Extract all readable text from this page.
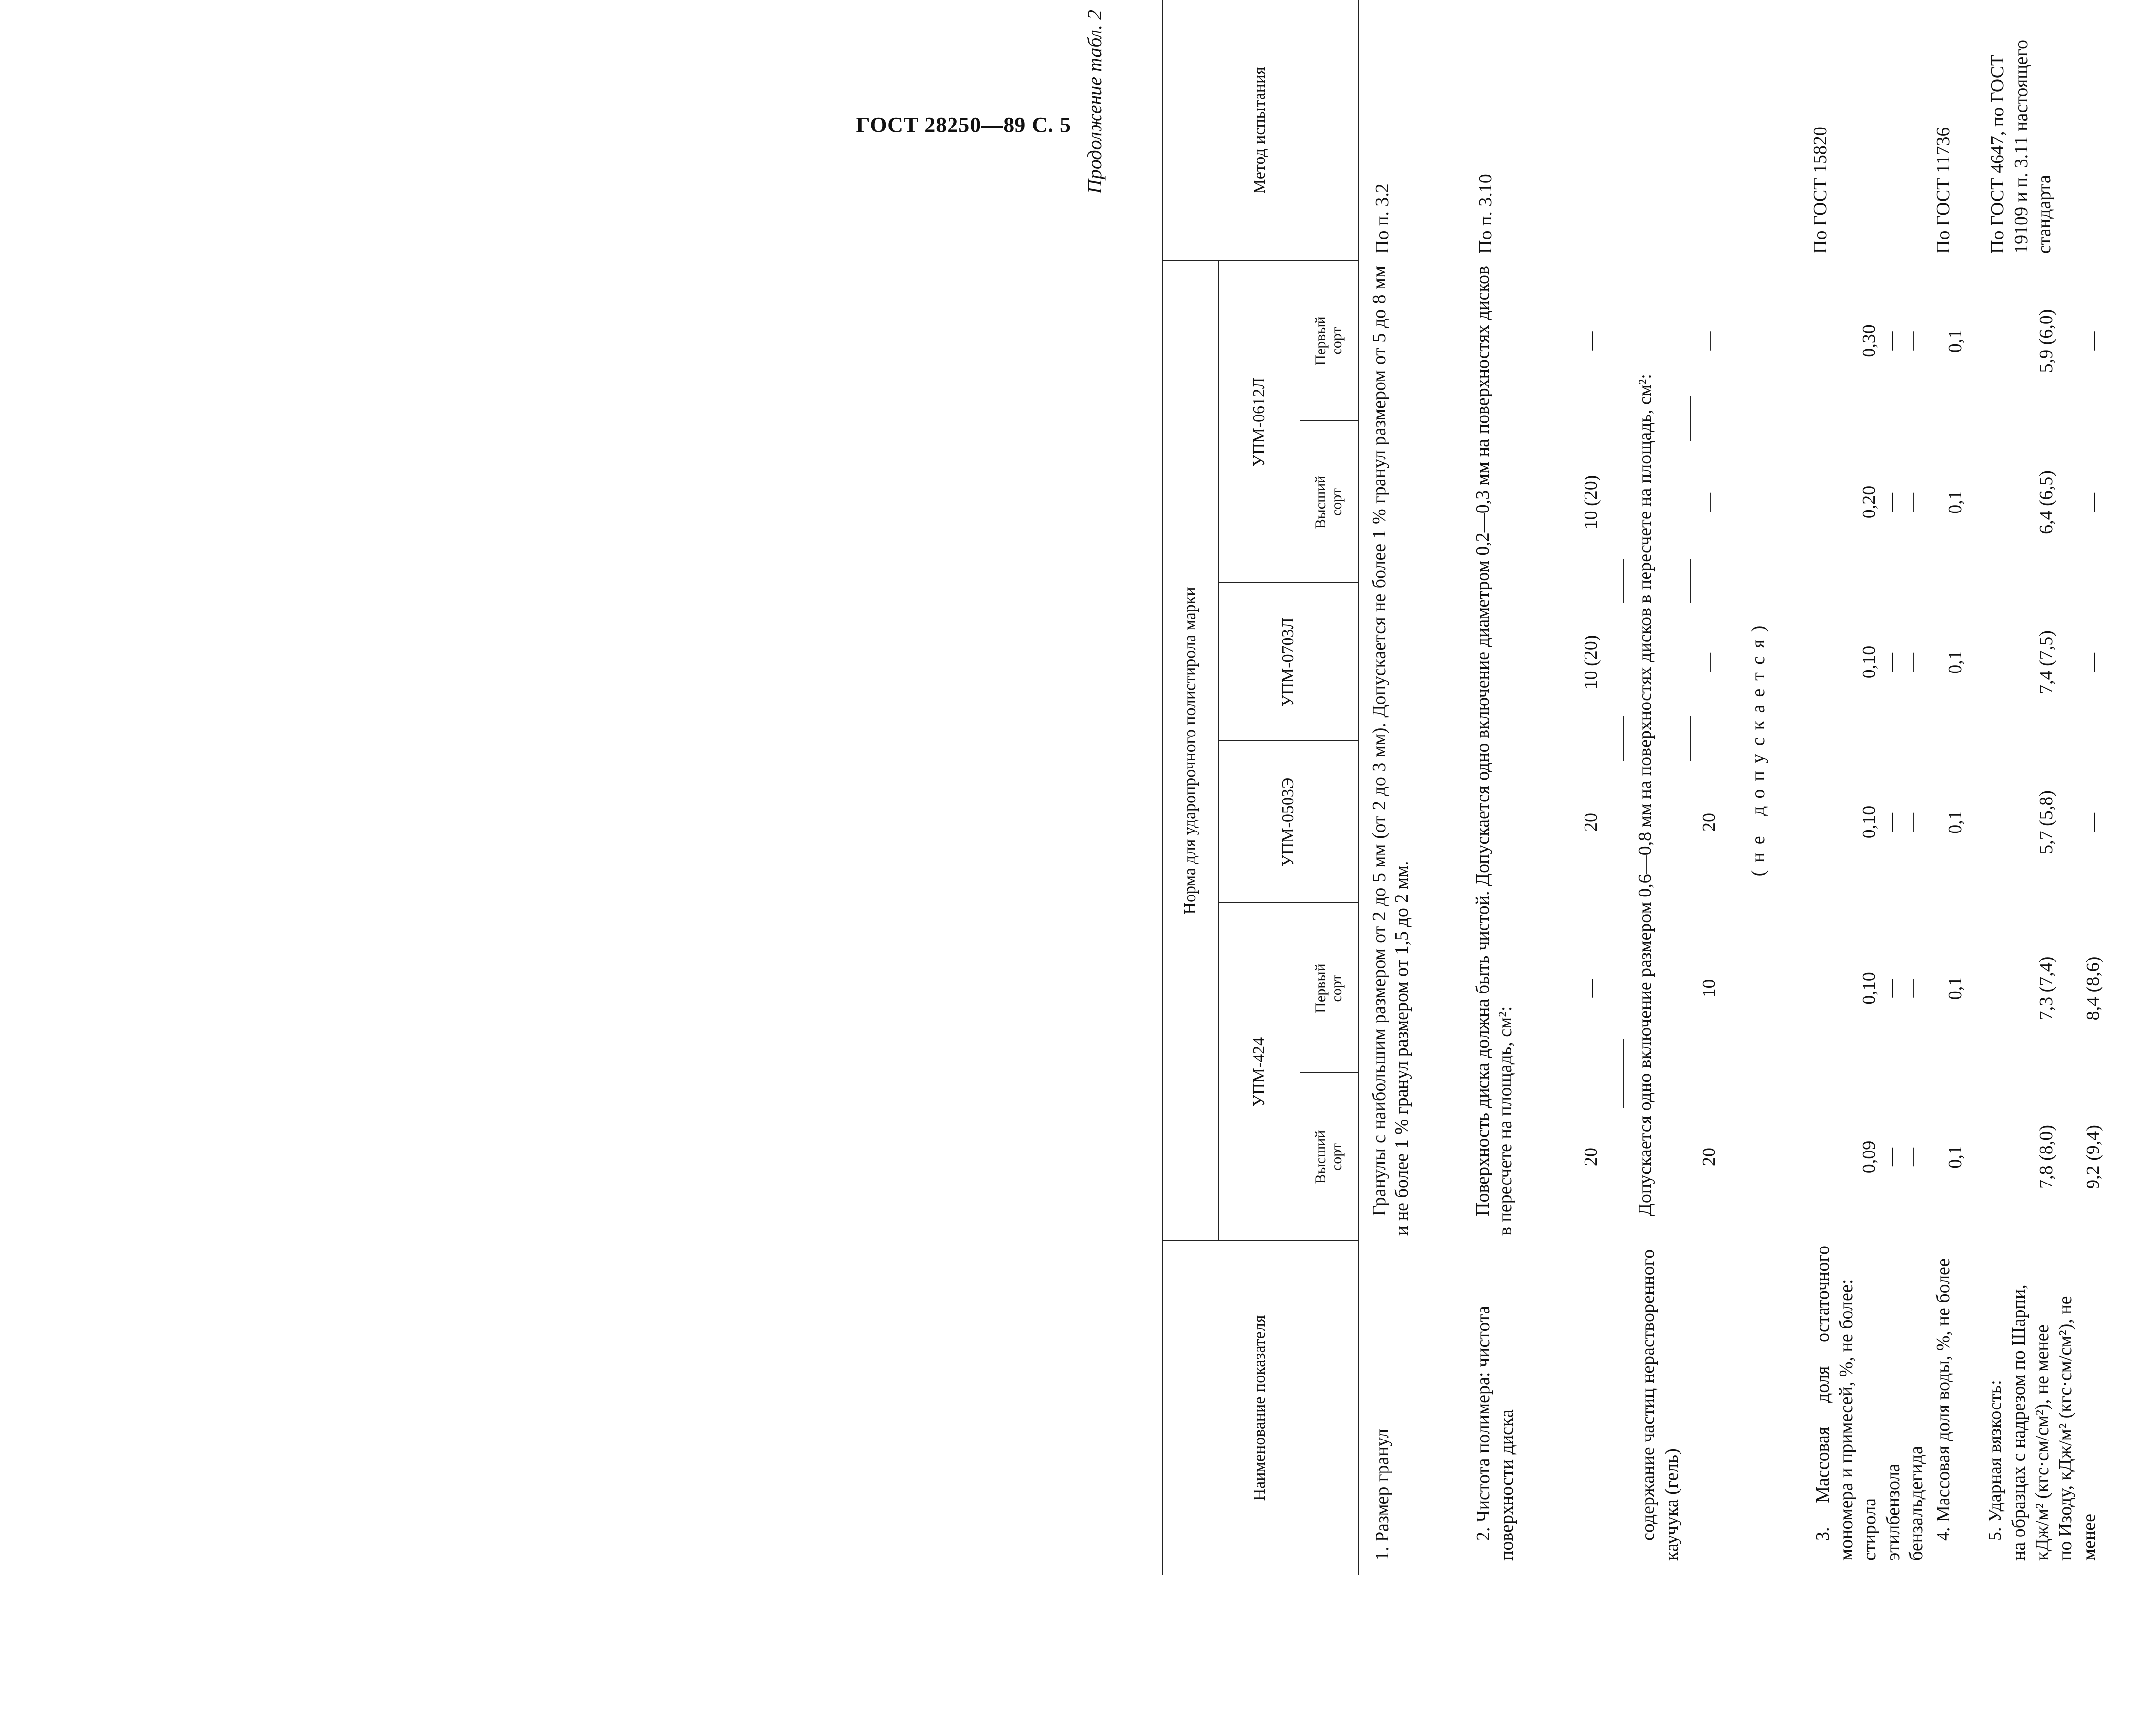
ГОСТ 28250—89 С. 5 Продолжение табл. 2
Наименование показателя
Норма для ударопрочного полистирола марки
Метод испытания
УПМ-424
УПМ-0503Э
УПМ-0703Л
УПМ-0612Л
Высший сорт
Первый сорт
Высший сорт
Первый сорт
1. Размер гранул
Гранулы с наибольшим размером от 2 до 5 мм (от 2 до 3 мм). Допускается не более 1 % гранул размером от 5 до 8 мм и не более 1 % гранул размером от 1,5 до 2 мм.
По п. 3.2
2. Чистота полимера: чистота поверхности диска
Поверхность диска должна быть чистой. Допускается одно включение диаметром 0,2—0,3 мм на поверхностях дисков в пересчете на площадь, см²:
По п. 3.10
20
—
20
10 (20)
10 (20)
—
содержание частиц нерастворенного каучука (гель)
Допускается одно включение размером 0,6—0,8 мм на поверхностях дисков в пересчете на площадь, см²: 20
10
20
—
—
—
(не допускается)
3. Массовая доля остаточного мономера и примесей, %, не более: стирола этилбензола бензальдегида
По ГОСТ 15820
0,09 — —
0,10 — —
0,10 — —
0,10 — —
0,20 — —
0,30 — —
4. Массовая доля воды, %, не более
По ГОСТ 11736
0,1
0,1
0,1
0,1
0,1
0,1
5. Ударная вязкость: на образцах с надрезом по Шарпи, кДж/м² (кгс·см/см²), не менее по Изоду, кДж/м² (кгс·см/см²), не менее
По ГОСТ 4647, по ГОСТ 19109 и п. 3.11 настоящего стандарта
7,8 (8,0)
7,3 (7,4)
5,7 (5,8)
7,4 (7,5)
6,4 (6,5)
5,9 (6,0)
9,2 (9,4)
8,4 (8,6)
—
—
—
—
